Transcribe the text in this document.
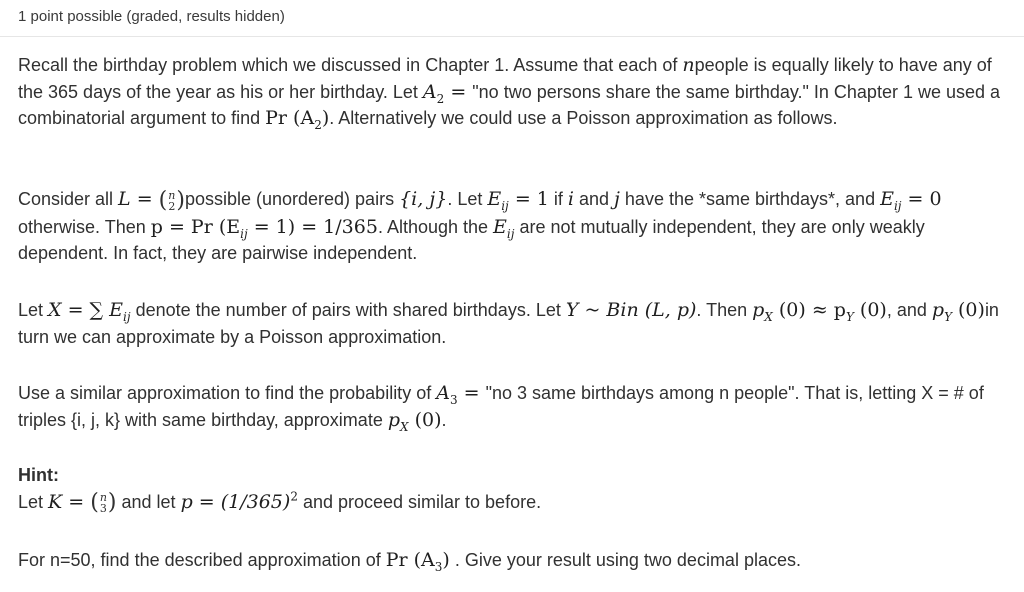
1 point possible (graded, results hidden)

Recall the birthday problem which we discussed in Chapter 1. Assume that each of npeople is equally likely to have any of the 365 days of the year as his or her birthday. Let $A_2$ = "no two persons share the same birthday." In Chapter 1 we used a combinatorial argument to find Pr $(A_2)$. Alternatively we could use a Poisson approximation as follows.

Consider all L = ( n
2 )possible (unordered) pairs {i, j}. Let $E_{ij} = 1$ if i and j have the *same birthdays*, and $E_{ij} = 0$ otherwise. Then p = Pr $(E_{ij} = 1) = 1/365$. Although the $E_{ij}$ are not mutually independent, they are only weakly dependent. In fact, they are pairwise independent.

Let X = ∑ $E_{ij}$ denote the number of pairs with shared birthdays. Let Y ~ Bin (L, p). Then $p_X$ $(0) \approx p_Y$ (0), and $p_Y$ (0)in turn we can approximate by a Poisson approximation.

Use a similar approximation to find the probability of $A_3$ = "no 3 same birthdays among n people". That is, letting X = # of triples {i, j, k} with same birthday, approximate $p_X$ (0).

Hint:
Let K = ( n
3 ) and let $p = (1/365)^2$ and proceed similar to before.

For n=50, find the described approximation of Pr $(A_3)$ . Give your result using two decimal places.
